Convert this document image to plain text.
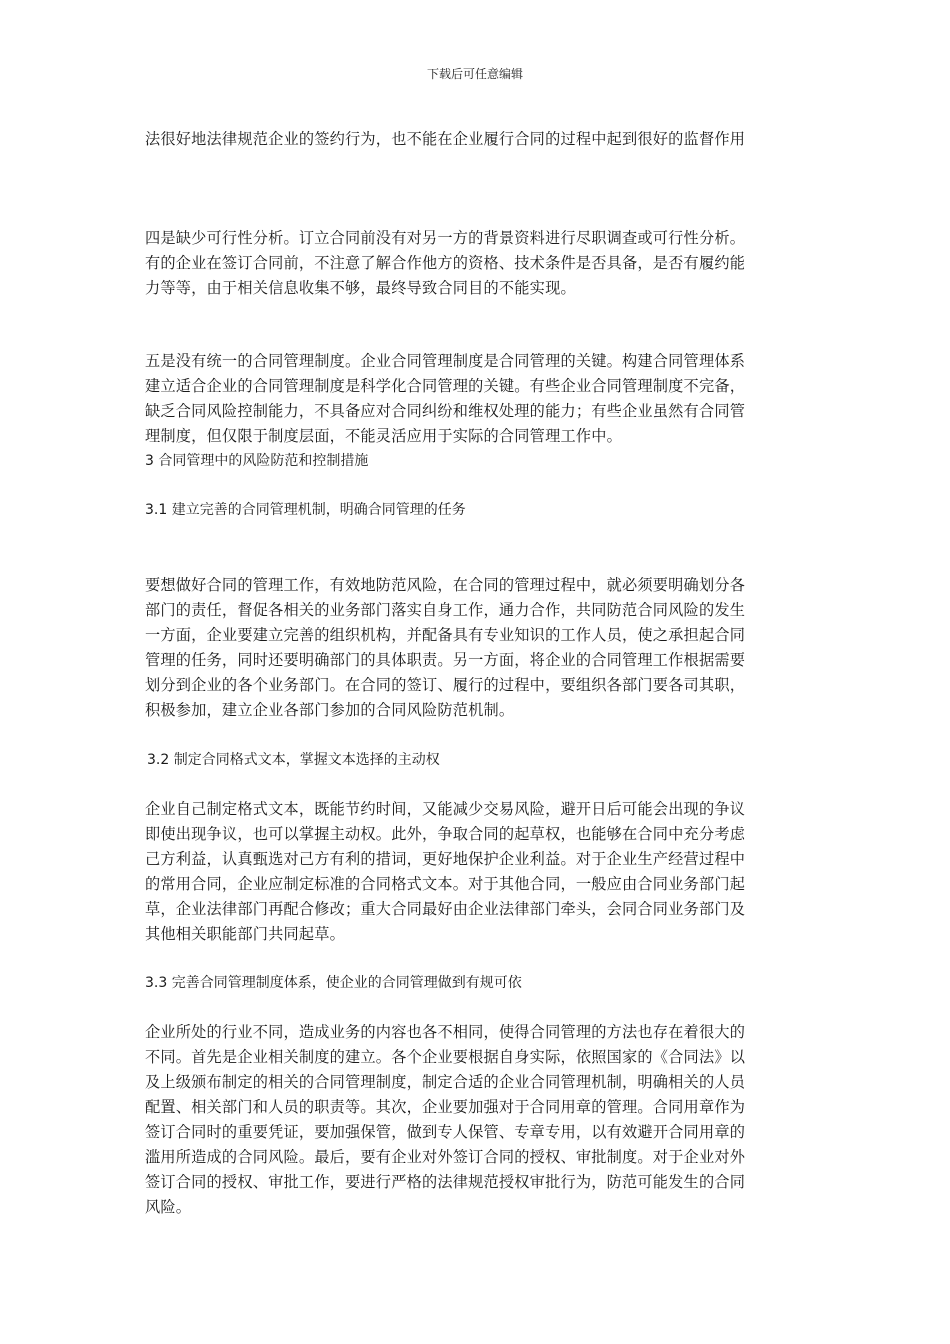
下载后可任意编辑
法很好地法律规范企业的签约行为，也不能在企业履行合同的过程中起到很好的监督作用
四是缺少可行性分析。订立合同前没有对另一方的背景资料进行尽职调查或可行性分析。
有的企业在签订合同前，不注意了解合作他方的资格、技术条件是否具备，是否有履约能
力等等，由于相关信息收集不够，最终导致合同目的不能实现。
五是没有统一的合同管理制度。企业合同管理制度是合同管理的关键。构建合同管理体系
建立适合企业的合同管理制度是科学化合同管理的关键。有些企业合同管理制度不完备，
缺乏合同风险控制能力，不具备应对合同纠纷和维权处理的能力；有些企业虽然有合同管
理制度，但仅限于制度层面，不能灵活应用于实际的合同管理工作中。
3 合同管理中的风险防范和控制措施
3.1 建立完善的合同管理机制，明确合同管理的任务
要想做好合同的管理工作，有效地防范风险，在合同的管理过程中，就必须要明确划分各
部门的责任，督促各相关的业务部门落实自身工作，通力合作，共同防范合同风险的发生
一方面，企业要建立完善的组织机构，并配备具有专业知识的工作人员，使之承担起合同
管理的任务，同时还要明确部门的具体职责。另一方面，将企业的合同管理工作根据需要
划分到企业的各个业务部门。在合同的签订、履行的过程中，要组织各部门要各司其职，
积极参加，建立企业各部门参加的合同风险防范机制。
3.2 制定合同格式文本，掌握文本选择的主动权
企业自己制定格式文本，既能节约时间，又能减少交易风险，避开日后可能会出现的争议
即使出现争议，也可以掌握主动权。此外，争取合同的起草权，也能够在合同中充分考虑
己方利益，认真甄选对己方有利的措词，更好地保护企业利益。对于企业生产经营过程中
的常用合同，企业应制定标准的合同格式文本。对于其他合同，一般应由合同业务部门起
草，企业法律部门再配合修改；重大合同最好由企业法律部门牵头，会同合同业务部门及
其他相关职能部门共同起草。
3.3 完善合同管理制度体系，使企业的合同管理做到有规可依
企业所处的行业不同，造成业务的内容也各不相同，使得合同管理的方法也存在着很大的
不同。首先是企业相关制度的建立。各个企业要根据自身实际，依照国家的《合同法》以
及上级颁布制定的相关的合同管理制度，制定合适的企业合同管理机制，明确相关的人员
配置、相关部门和人员的职责等。其次，企业要加强对于合同用章的管理。合同用章作为
签订合同时的重要凭证，要加强保管，做到专人保管、专章专用，以有效避开合同用章的
滥用所造成的合同风险。最后，要有企业对外签订合同的授权、审批制度。对于企业对外
签订合同的授权、审批工作，要进行严格的法律规范授权审批行为，防范可能发生的合同
风险。
